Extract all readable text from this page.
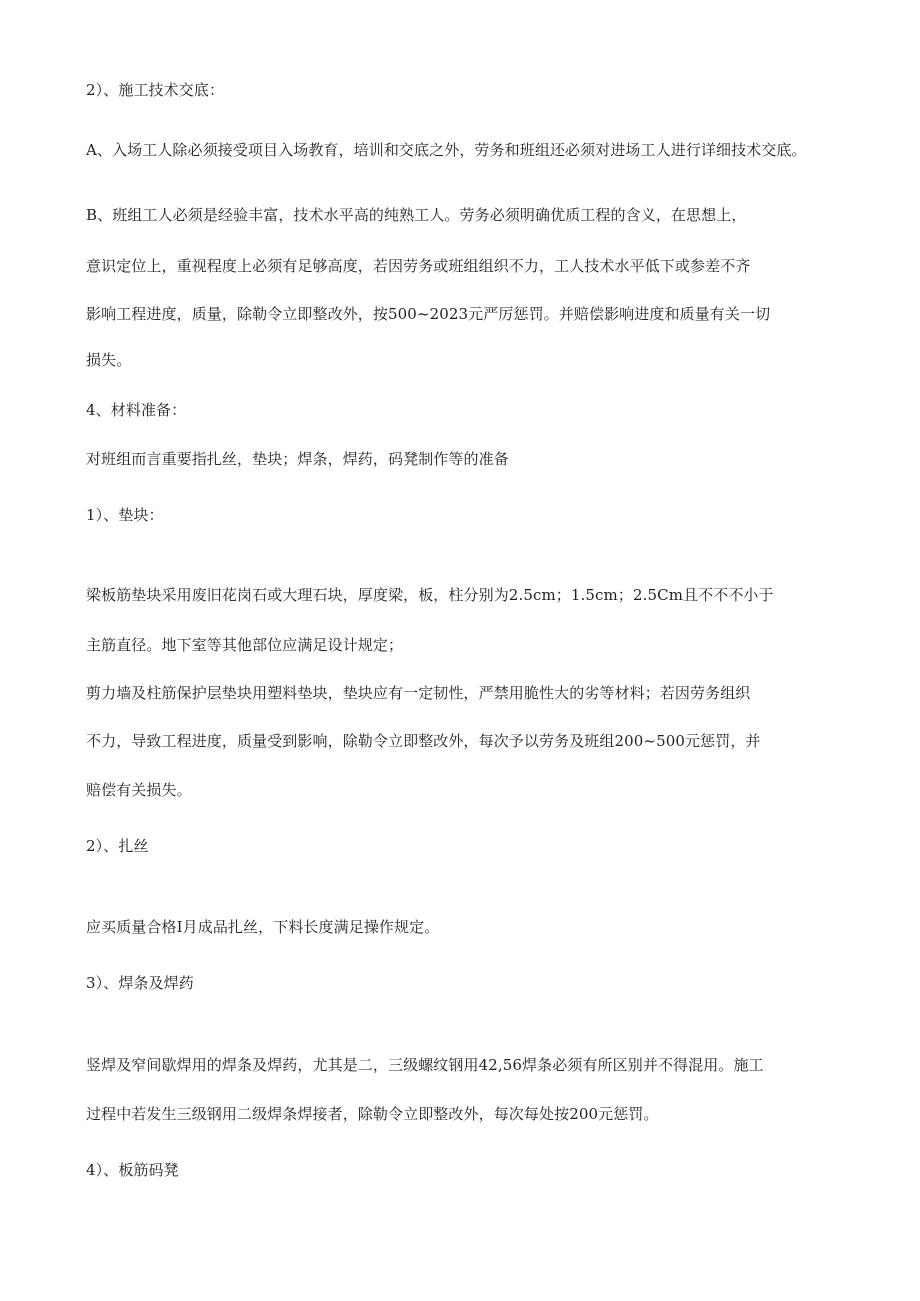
2）、施工技术交底：
A、入场工人除必须接受项目入场教育，培训和交底之外，劳务和班组还必须对进场工人进行详细技术交底。
B、班组工人必须是经验丰富，技术水平高的纯熟工人。劳务必须明确优质工程的含义，在思想上，
意识定位上，重视程度上必须有足够高度，若因劳务或班组组织不力，工人技术水平低下或参差不齐
影响工程进度，质量，除勒令立即整改外，按500~2023元严厉惩罚。并赔偿影响进度和质量有关一切
损失。
4、材料准备：
对班组而言重要指扎丝，垫块；焊条，焊药，码凳制作等的准备
1）、垫块：
梁板筋垫块采用废旧花岗石或大理石块，厚度梁，板，柱分别为2.5cm；1.5cm；2.5Cm且不不不小于
主筋直径。地下室等其他部位应满足设计规定；
剪力墙及柱筋保护层垫块用塑料垫块，垫块应有一定韧性，严禁用脆性大的劣等材料；若因劳务组织
不力，导致工程进度，质量受到影响，除勒令立即整改外，每次予以劳务及班组200~500元惩罚，并
赔偿有关损失。
2）、扎丝
应买质量合格I月成品扎丝，下料长度满足操作规定。
3）、焊条及焊药
竖焊及窄间歇焊用的焊条及焊药，尤其是二，三级螺纹钢用42,56焊条必须有所区别并不得混用。施工
过程中若发生三级钢用二级焊条焊接者，除勒令立即整改外，每次每处按200元惩罚。
4）、板筋码凳
